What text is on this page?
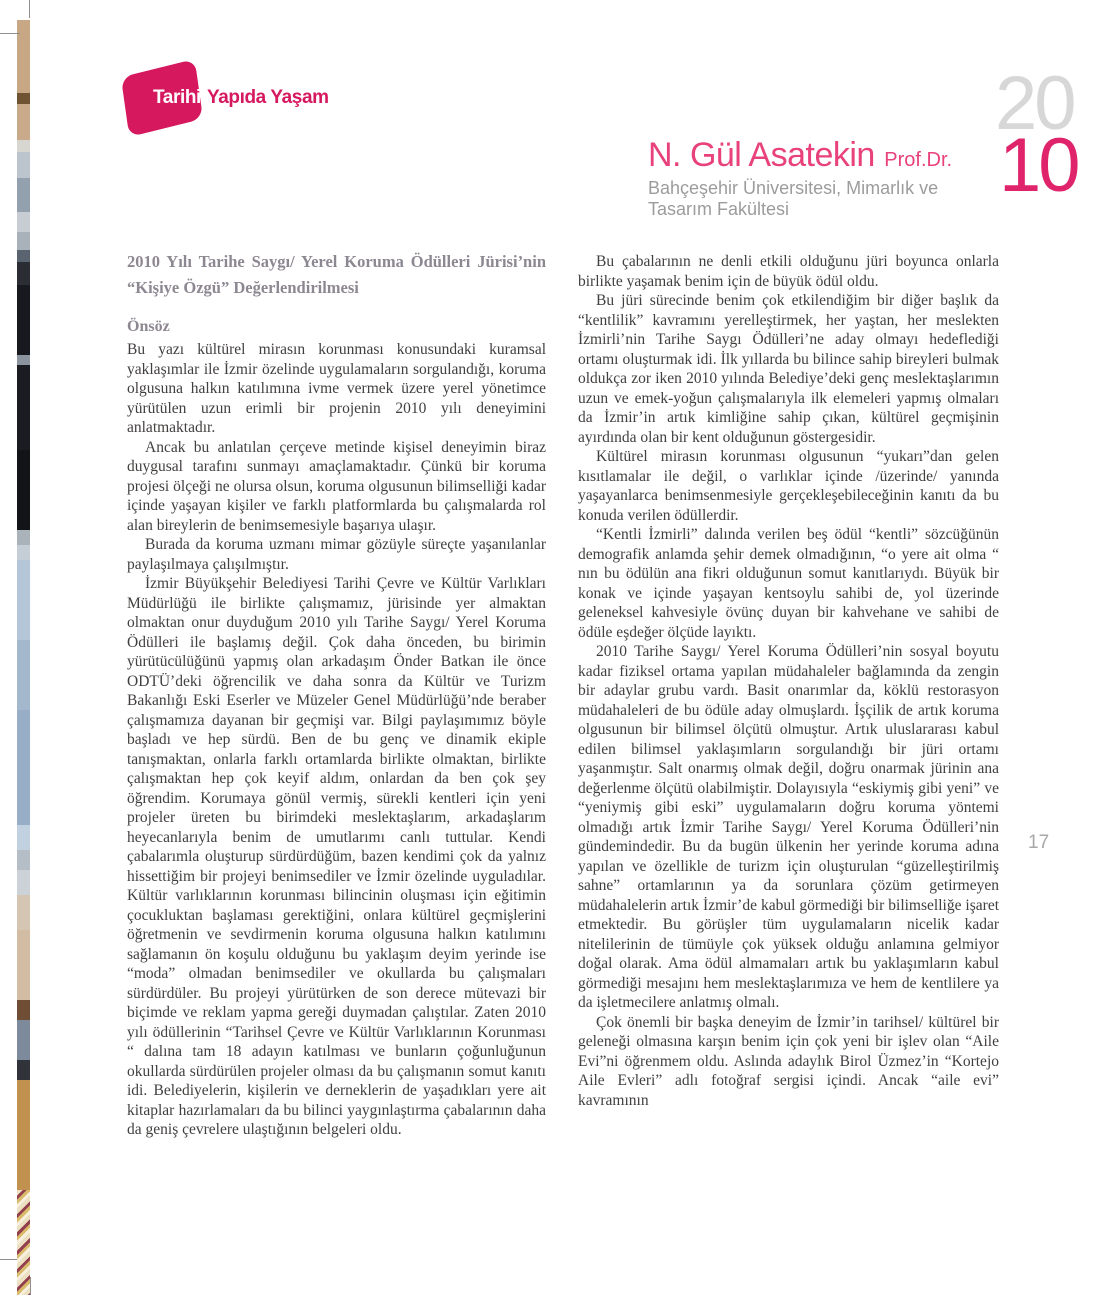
Tarihi Yapıda Yaşam
N. Gül Asatekin Prof.Dr.
Bahçeşehir Üniversitesi, Mimarlık ve
Tasarım Fakültesi
20
10
2010 Yılı Tarihe Saygı/ Yerel Koruma Ödülleri Jürisi’nin “Kişiye Özgü” Değerlendirilmesi
Önsöz

Bu yazı kültürel mirasın korunması konusundaki kuramsal yaklaşımlar ile İzmir özelinde uygulamaların sorgulandığı, koruma olgusuna halkın katılımına ivme vermek üzere yerel yönetimce yürütülen uzun erimli bir projenin 2010 yılı deneyimini anlatmaktadır.

Ancak bu anlatılan çerçeve metinde kişisel deneyimin biraz duygusal tarafını sunmayı amaçlamaktadır. Çünkü bir koruma projesi ölçeği ne olursa olsun, koruma olgusunun bilimselliği kadar içinde yaşayan kişiler ve farklı platformlarda bu çalışmalarda rol alan bireylerin de benimsemesiyle başarıya ulaşır.

Burada da koruma uzmanı mimar gözüyle süreçte yaşanılanlar paylaşılmaya çalışılmıştır.

İzmir Büyükşehir Belediyesi Tarihi Çevre ve Kültür Varlıkları Müdürlüğü ile birlikte çalışmamız, jürisinde yer almaktan olmaktan onur duyduğum 2010 yılı Tarihe Saygı/ Yerel Koruma Ödülleri ile başlamış değil. Çok daha önceden, bu birimin yürütücülüğünü yapmış olan arkadaşım Önder Batkan ile önce ODTÜ’deki öğrencilik ve daha sonra da Kültür ve Turizm Bakanlığı Eski Eserler ve Müzeler Genel Müdürlüğü’nde beraber çalışmamıza dayanan bir geçmişi var. Bilgi paylaşımımız böyle başladı ve hep sürdü. Ben de bu genç ve dinamik ekiple tanışmaktan, onlarla farklı ortamlarda birlikte olmaktan, birlikte çalışmaktan hep çok keyif aldım, onlardan da ben çok şey öğrendim. Korumaya gönül vermiş, sürekli kentleri için yeni projeler üreten bu birimdeki meslektaşlarım, arkadaşlarım heyecanlarıyla benim de umutlarımı canlı tuttular. Kendi çabalarımla oluşturup sürdürdüğüm, bazen kendimi çok da yalnız hissettiğim bir projeyi benimsediler ve İzmir özelinde uyguladılar. Kültür varlıklarının korunması bilincinin oluşması için eğitimin çocukluktan başlaması gerektiğini, onlara kültürel geçmişlerini öğretmenin ve sevdirmenin koruma olgusuna halkın katılımını sağlamanın ön koşulu olduğunu bu yaklaşım deyim yerinde ise “moda” olmadan benimsediler ve okullarda bu çalışmaları sürdürdüler. Bu projeyi yürütürken de son derece mütevazi bir biçimde ve reklam yapma gereği duymadan çalıştılar. Zaten 2010 yılı ödüllerinin “Tarihsel Çevre ve Kültür Varlıklarının Korunması “ dalına tam 18 adayın katılması ve bunların çoğunluğunun okullarda sürdürülen projeler olması da bu çalışmanın somut kanıtı idi. Belediyelerin, kişilerin ve derneklerin de yaşadıkları yere ait kitaplar hazırlamaları da bu bilinci yaygınlaştırma çabalarının daha da geniş çevrelere ulaştığının belgeleri oldu.

Bu çabalarının ne denli etkili olduğunu jüri boyunca onlarla birlikte yaşamak benim için de büyük ödül oldu.

Bu jüri sürecinde benim çok etkilendiğim bir diğer başlık da “kentlilik” kavramını yerelleştirmek, her yaştan, her meslekten İzmirli’nin Tarihe Saygı Ödülleri’ne aday olmayı hedeflediği ortamı oluşturmak idi. İlk yıllarda bu bilince sahip bireyleri bulmak oldukça zor iken 2010 yılında Belediye’deki genç meslektaşlarımın uzun ve emek-yoğun çalışmalarıyla ilk elemeleri yapmış olmaları da İzmir’in artık kimliğine sahip çıkan, kültürel geçmişinin ayırdında olan bir kent olduğunun göstergesidir.

Kültürel mirasın korunması olgusunun “yukarı”dan gelen kısıtlamalar ile değil, o varlıklar içinde /üzerinde/ yanında yaşayanlarca benimsenmesiyle gerçekleşebileceğinin kanıtı da bu konuda verilen ödüllerdir.

“Kentli İzmirli” dalında verilen beş ödül “kentli” sözcüğünün demografik anlamda şehir demek olmadığının, “o yere ait olma “ nın bu ödülün ana fikri olduğunun somut kanıtlarıydı. Büyük bir konak ve içinde yaşayan kentsoylu sahibi de, yol üzerinde geleneksel kahvesiyle övünç duyan bir kahvehane ve sahibi de ödüle eşdeğer ölçüde layıktı.

2010 Tarihe Saygı/ Yerel Koruma Ödülleri’nin sosyal boyutu kadar fiziksel ortama yapılan müdahaleler bağlamında da zengin bir adaylar grubu vardı. Basit onarımlar da, köklü restorasyon müdahaleleri de bu ödüle aday olmuşlardı. İşçilik de artık koruma olgusunun bir bilimsel ölçütü olmuştur. Artık uluslararası kabul edilen bilimsel yaklaşımların sorgulandığı bir jüri ortamı yaşanmıştır. Salt onarmış olmak değil, doğru onarmak jürinin ana değerlenme ölçütü olabilmiştir. Dolayısıyla “eskiymiş gibi yeni” ve “yeniymiş gibi eski” uygulamaların doğru koruma yöntemi olmadığı artık İzmir Tarihe Saygı/ Yerel Koruma Ödülleri’nin gündemindedir. Bu da bugün ülkenin her yerinde koruma adına yapılan ve özellikle de turizm için oluşturulan “güzelleştirilmiş sahne” ortamlarının ya da sorunlara çözüm getirmeyen müdahalelerin artık İzmir’de kabul görmediği bir bilimselliğe işaret etmektedir. Bu görüşler tüm uygulamaların nicelik kadar nitelilerinin de tümüyle çok yüksek olduğu anlamına gelmiyor doğal olarak. Ama ödül almamaları artık bu yaklaşımların kabul görmediği mesajını hem meslektaşlarımıza ve hem de kentlilere ya da işletmecilere anlatmış olmalı.

Çok önemli bir başka deneyim de İzmir’in tarihsel/ kültürel bir geleneği olmasına karşın benim için çok yeni bir işlev olan “Aile Evi”ni öğrenmem oldu. Aslında adaylık Birol Üzmez’in “Kortejo Aile Evleri” adlı fotoğraf sergisi içindi. Ancak “aile evi” kavramının

17
